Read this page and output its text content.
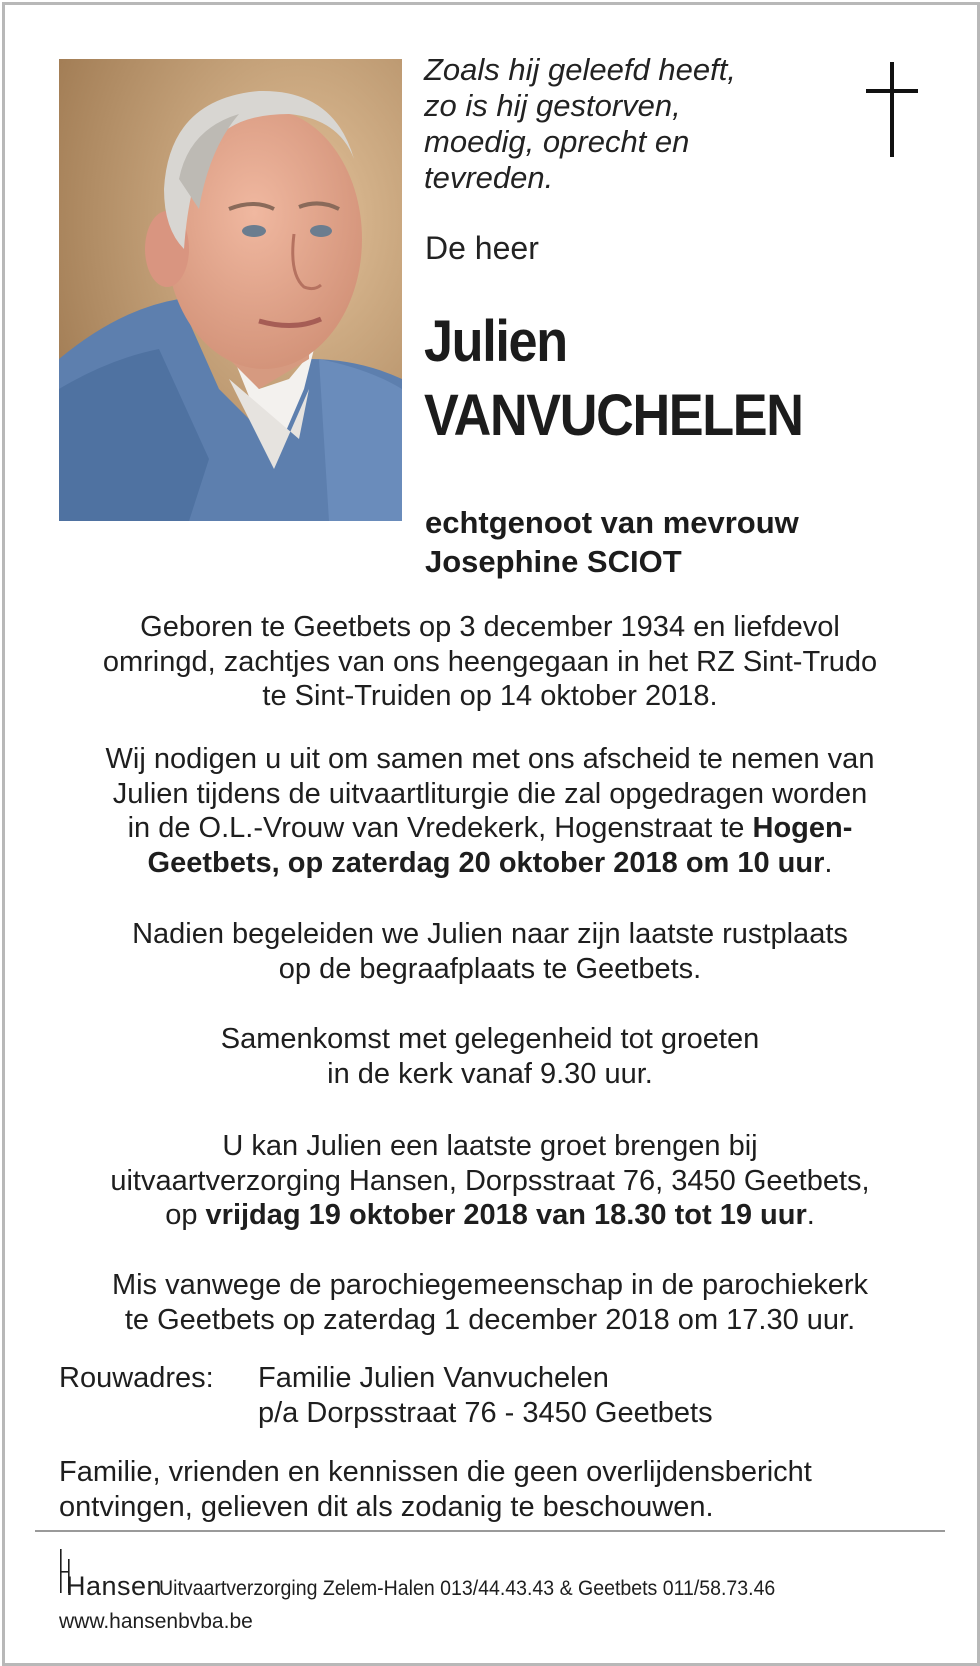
Zoals hij geleefd heeft,
zo is hij gestorven,
moedig, oprecht en
tevreden.
De heer
Julien
VANVUCHELEN
echtgenoot van mevrouw
Josephine SCIOT
Geboren te Geetbets op 3 december 1934 en liefdevol
omringd, zachtjes van ons heengegaan in het RZ Sint-Trudo
te Sint-Truiden op 14 oktober 2018.
Wij nodigen u uit om samen met ons afscheid te nemen van
Julien tijdens de uitvaartliturgie die zal opgedragen worden
in de O.L.-Vrouw van Vredekerk, Hogenstraat te Hogen-
Geetbets, op zaterdag 20 oktober 2018 om 10 uur.
Nadien begeleiden we Julien naar zijn laatste rustplaats
op de begraafplaats te Geetbets.
Samenkomst met gelegenheid tot groeten
in de kerk vanaf 9.30 uur.
U kan Julien een laatste groet brengen bij
uitvaartverzorging Hansen, Dorpsstraat 76, 3450 Geetbets,
op vrijdag 19 oktober 2018 van 18.30 tot 19 uur.
Mis vanwege de parochiegemeenschap in de parochiekerk
te Geetbets op zaterdag 1 december 2018 om 17.30 uur.
Rouwadres: Familie Julien Vanvuchelen
p/a Dorpsstraat 76 - 3450 Geetbets
Familie, vrienden en kennissen die geen overlijdensbericht
ontvingen, gelieven dit als zodanig te beschouwen.
Hansen
Uitvaartverzorging Zelem-Halen 013/44.43.43 & Geetbets 011/58.73.46
www.hansenbvba.be
